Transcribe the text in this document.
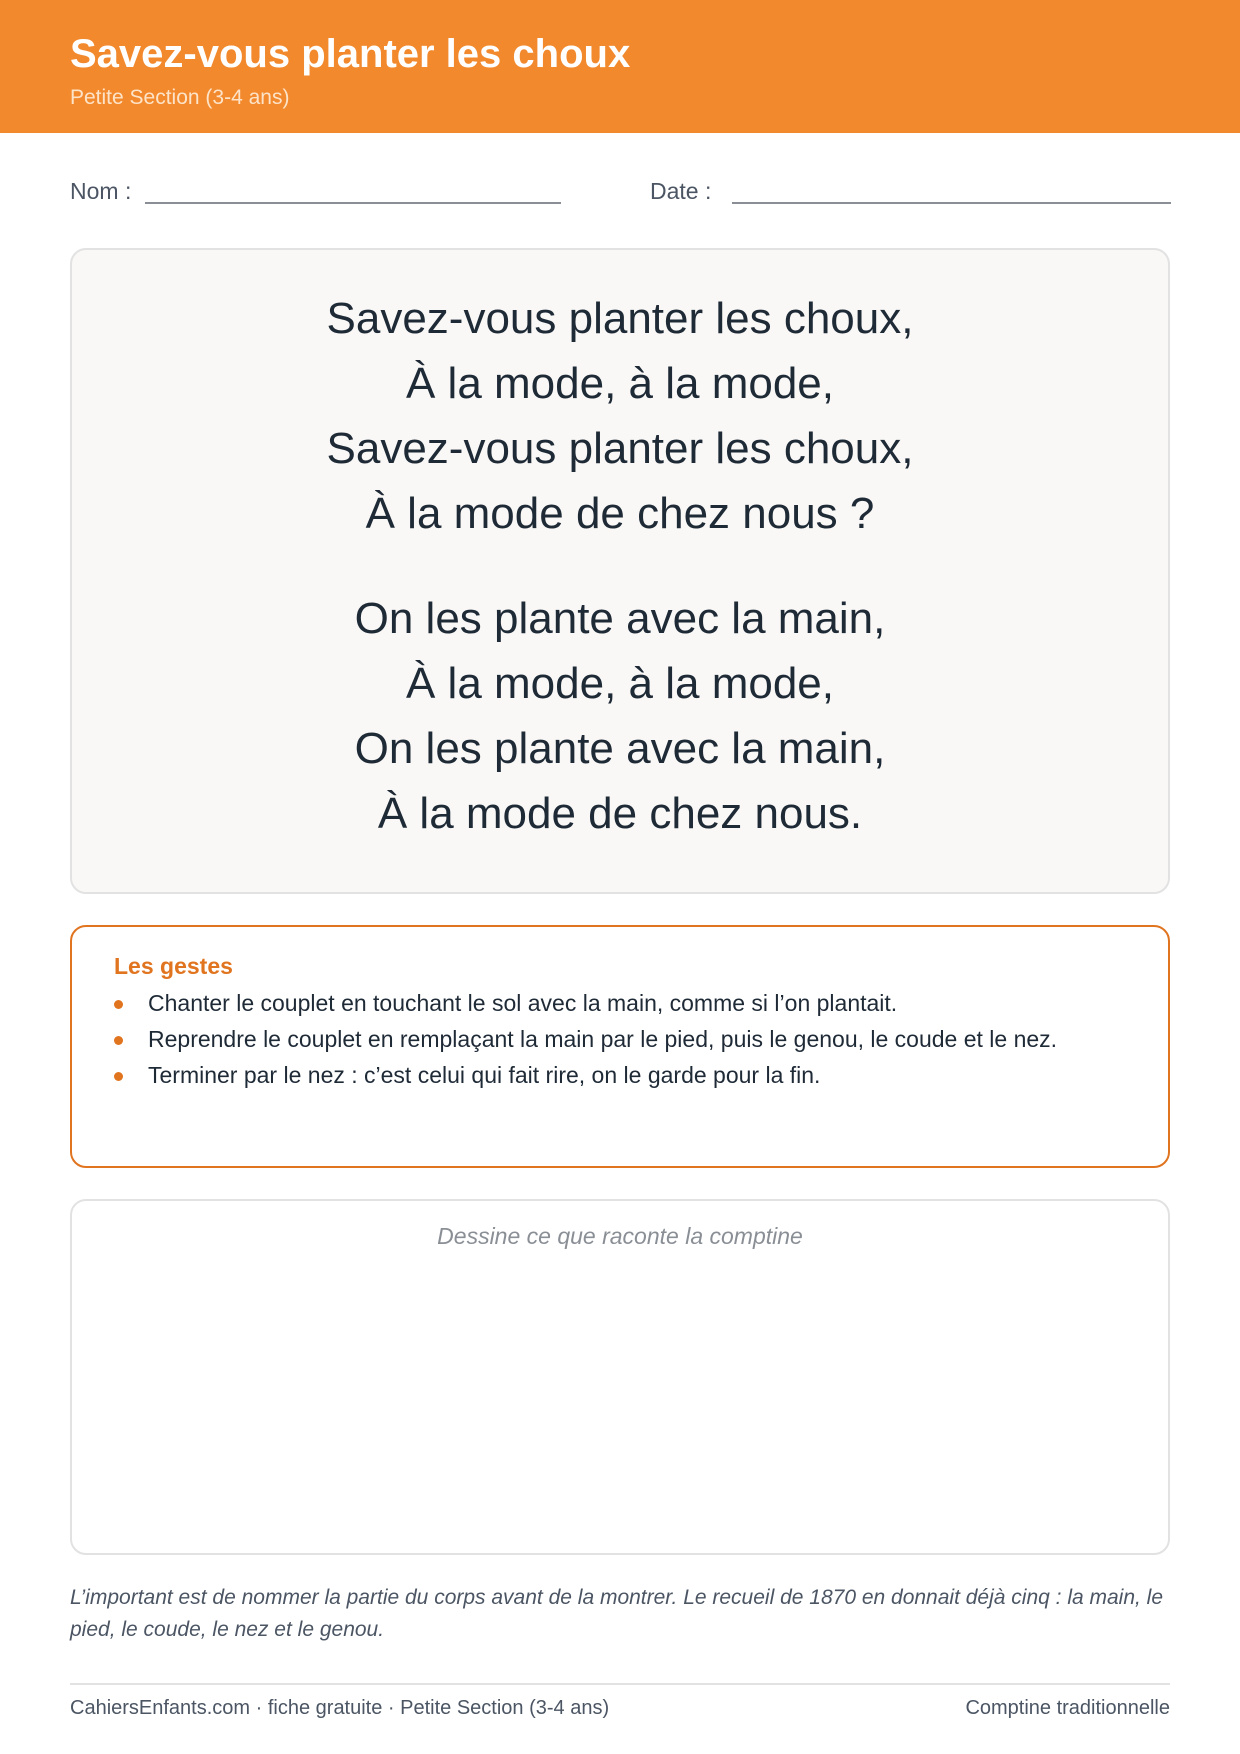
Savez-vous planter les choux
Petite Section (3-4 ans)
Nom :	Date :
Savez-vous planter les choux,
À la mode, à la mode,
Savez-vous planter les choux,
À la mode de chez nous ?
On les plante avec la main,
À la mode, à la mode,
On les plante avec la main,
À la mode de chez nous.
Les gestes
Chanter le couplet en touchant le sol avec la main, comme si l’on plantait.
Reprendre le couplet en remplaçant la main par le pied, puis le genou, le coude et le nez.
Terminer par le nez : c’est celui qui fait rire, on le garde pour la fin.
Dessine ce que raconte la comptine
L’important est de nommer la partie du corps avant de la montrer. Le recueil de 1870 en donnait déjà cinq : la main, le pied, le coude, le nez et le genou.
CahiersEnfants.com · fiche gratuite · Petite Section (3-4 ans)	Comptine traditionnelle
